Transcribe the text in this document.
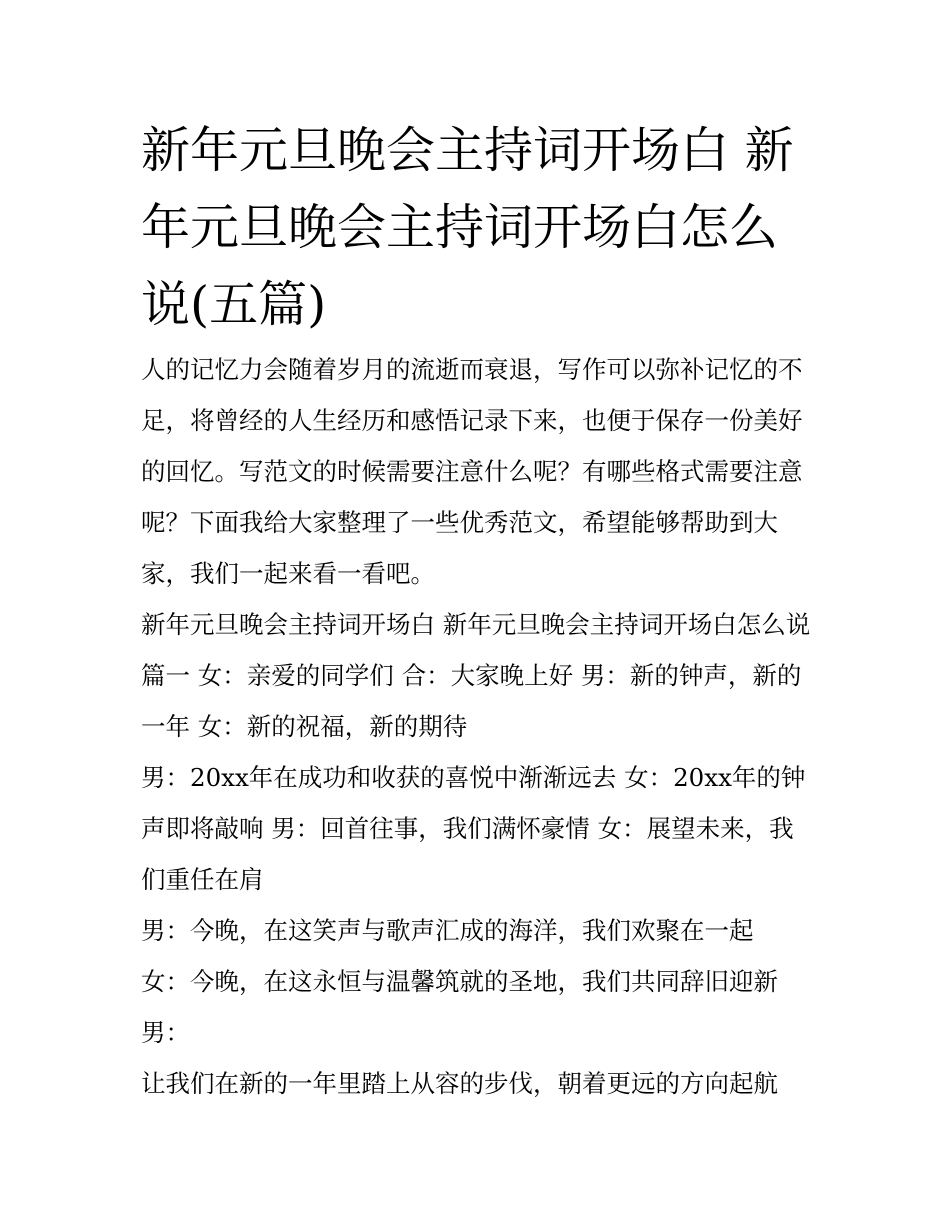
新年元旦晚会主持词开场白 新年元旦晚会主持词开场白怎么说(五篇)

人的记忆力会随着岁月的流逝而衰退，写作可以弥补记忆的不足，将曾经的人生经历和感悟记录下来，也便于保存一份美好的回忆。写范文的时候需要注意什么呢？有哪些格式需要注意呢？下面我给大家整理了一些优秀范文，希望能够帮助到大家，我们一起来看一看吧。

新年元旦晚会主持词开场白 新年元旦晚会主持词开场白怎么说篇一 女：亲爱的同学们 合：大家晚上好 男：新的钟声，新的一年 女：新的祝福，新的期待

男：20xx年在成功和收获的喜悦中渐渐远去 女：20xx年的钟声即将敲响 男：回首往事，我们满怀豪情 女：展望未来，我们重任在肩

男：今晚，在这笑声与歌声汇成的海洋，我们欢聚在一起

女：今晚，在这永恒与温馨筑就的圣地，我们共同辞旧迎新 男：

让我们在新的一年里踏上从容的步伐，朝着更远的方向起航
